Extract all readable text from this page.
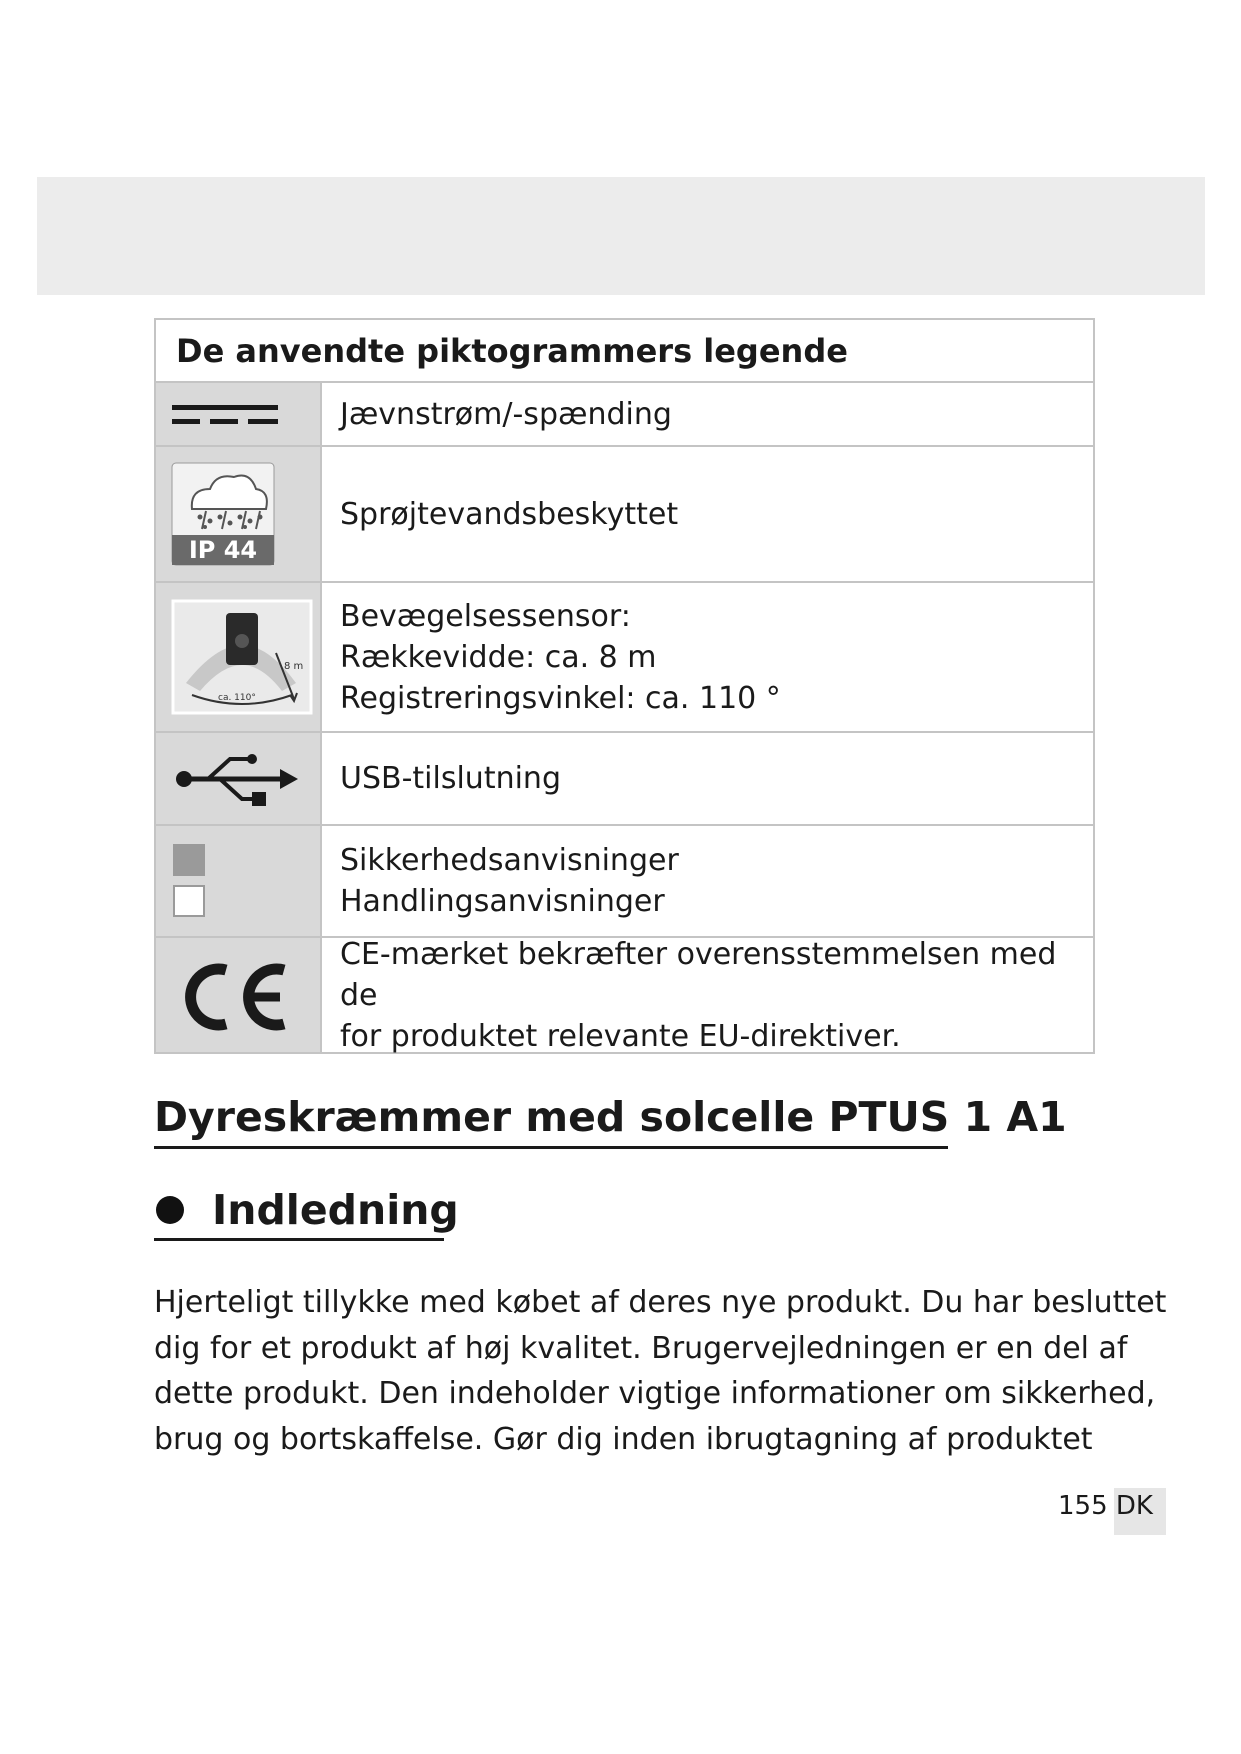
De anvendte piktogrammers legende
Jævnstrøm/-spænding
IP 44
Sprøjtevandsbeskyttet
ca. 110°
8 m
Bevægelsessensor:
Rækkevidde: ca. 8 m
Registreringsvinkel: ca. 110 °
USB-tilslutning
Sikkerhedsanvisninger
Handlingsanvisninger
CE-mærket bekræfter overensstemmelsen med de
for produktet relevante EU-direktiver.
Dyreskræmmer med solcelle PTUS 1 A1
Indledning

Hjerteligt tillykke med købet af deres nye produkt. Du har besluttet

dig for et produkt af høj kvalitet. Brugervejledningen er en del af

dette produkt. Den indeholder vigtige informationer om sikkerhed,

brug og bortskaffelse. Gør dig inden ibrugtagning af produktet

155 DK
